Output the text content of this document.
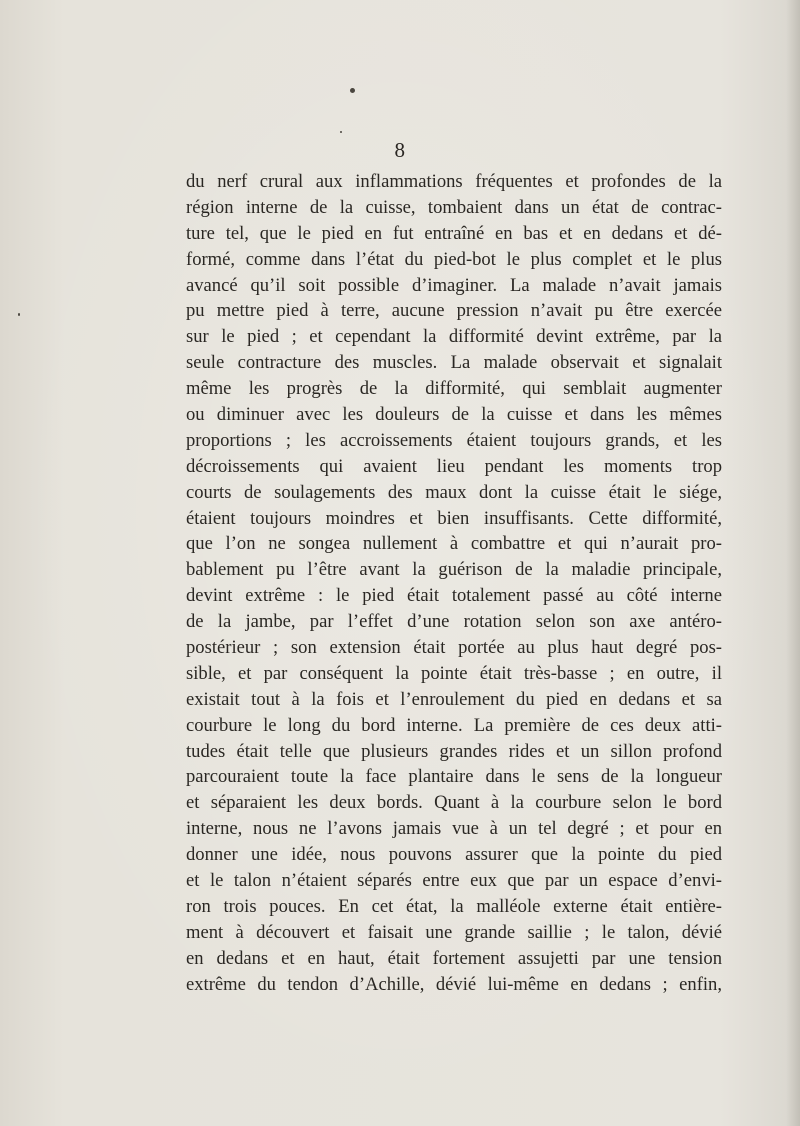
8
du nerf crural aux inflammations fréquentes et profondes de la
région interne de la cuisse, tombaient dans un état de contrac-
ture tel, que le pied en fut entraîné en bas et en dedans et dé-
formé, comme dans l’état du pied-bot le plus complet et le plus
avancé qu’il soit possible d’imaginer. La malade n’avait jamais
pu mettre pied à terre, aucune pression n’avait pu être exercée
sur le pied ; et cependant la difformité devint extrême, par la
seule contracture des muscles. La malade observait et signalait
même les progrès de la difformité, qui semblait augmenter
ou diminuer avec les douleurs de la cuisse et dans les mêmes
proportions ; les accroissements étaient toujours grands, et les
décroissements qui avaient lieu pendant les moments trop
courts de soulagements des maux dont la cuisse était le siége,
étaient toujours moindres et bien insuffisants. Cette difformité,
que l’on ne songea nullement à combattre et qui n’aurait pro-
bablement pu l’être avant la guérison de la maladie principale,
devint extrême : le pied était totalement passé au côté interne
de la jambe, par l’effet d’une rotation selon son axe antéro-
postérieur ; son extension était portée au plus haut degré pos-
sible, et par conséquent la pointe était très-basse ; en outre, il
existait tout à la fois et l’enroulement du pied en dedans et sa
courbure le long du bord interne. La première de ces deux atti-
tudes était telle que plusieurs grandes rides et un sillon profond
parcouraient toute la face plantaire dans le sens de la longueur
et séparaient les deux bords. Quant à la courbure selon le bord
interne, nous ne l’avons jamais vue à un tel degré ; et pour en
donner une idée, nous pouvons assurer que la pointe du pied
et le talon n’étaient séparés entre eux que par un espace d’envi-
ron trois pouces. En cet état, la malléole externe était entière-
ment à découvert et faisait une grande saillie ; le talon, dévié
en dedans et en haut, était fortement assujetti par une tension
extrême du tendon d’Achille, dévié lui-même en dedans ; enfin,
